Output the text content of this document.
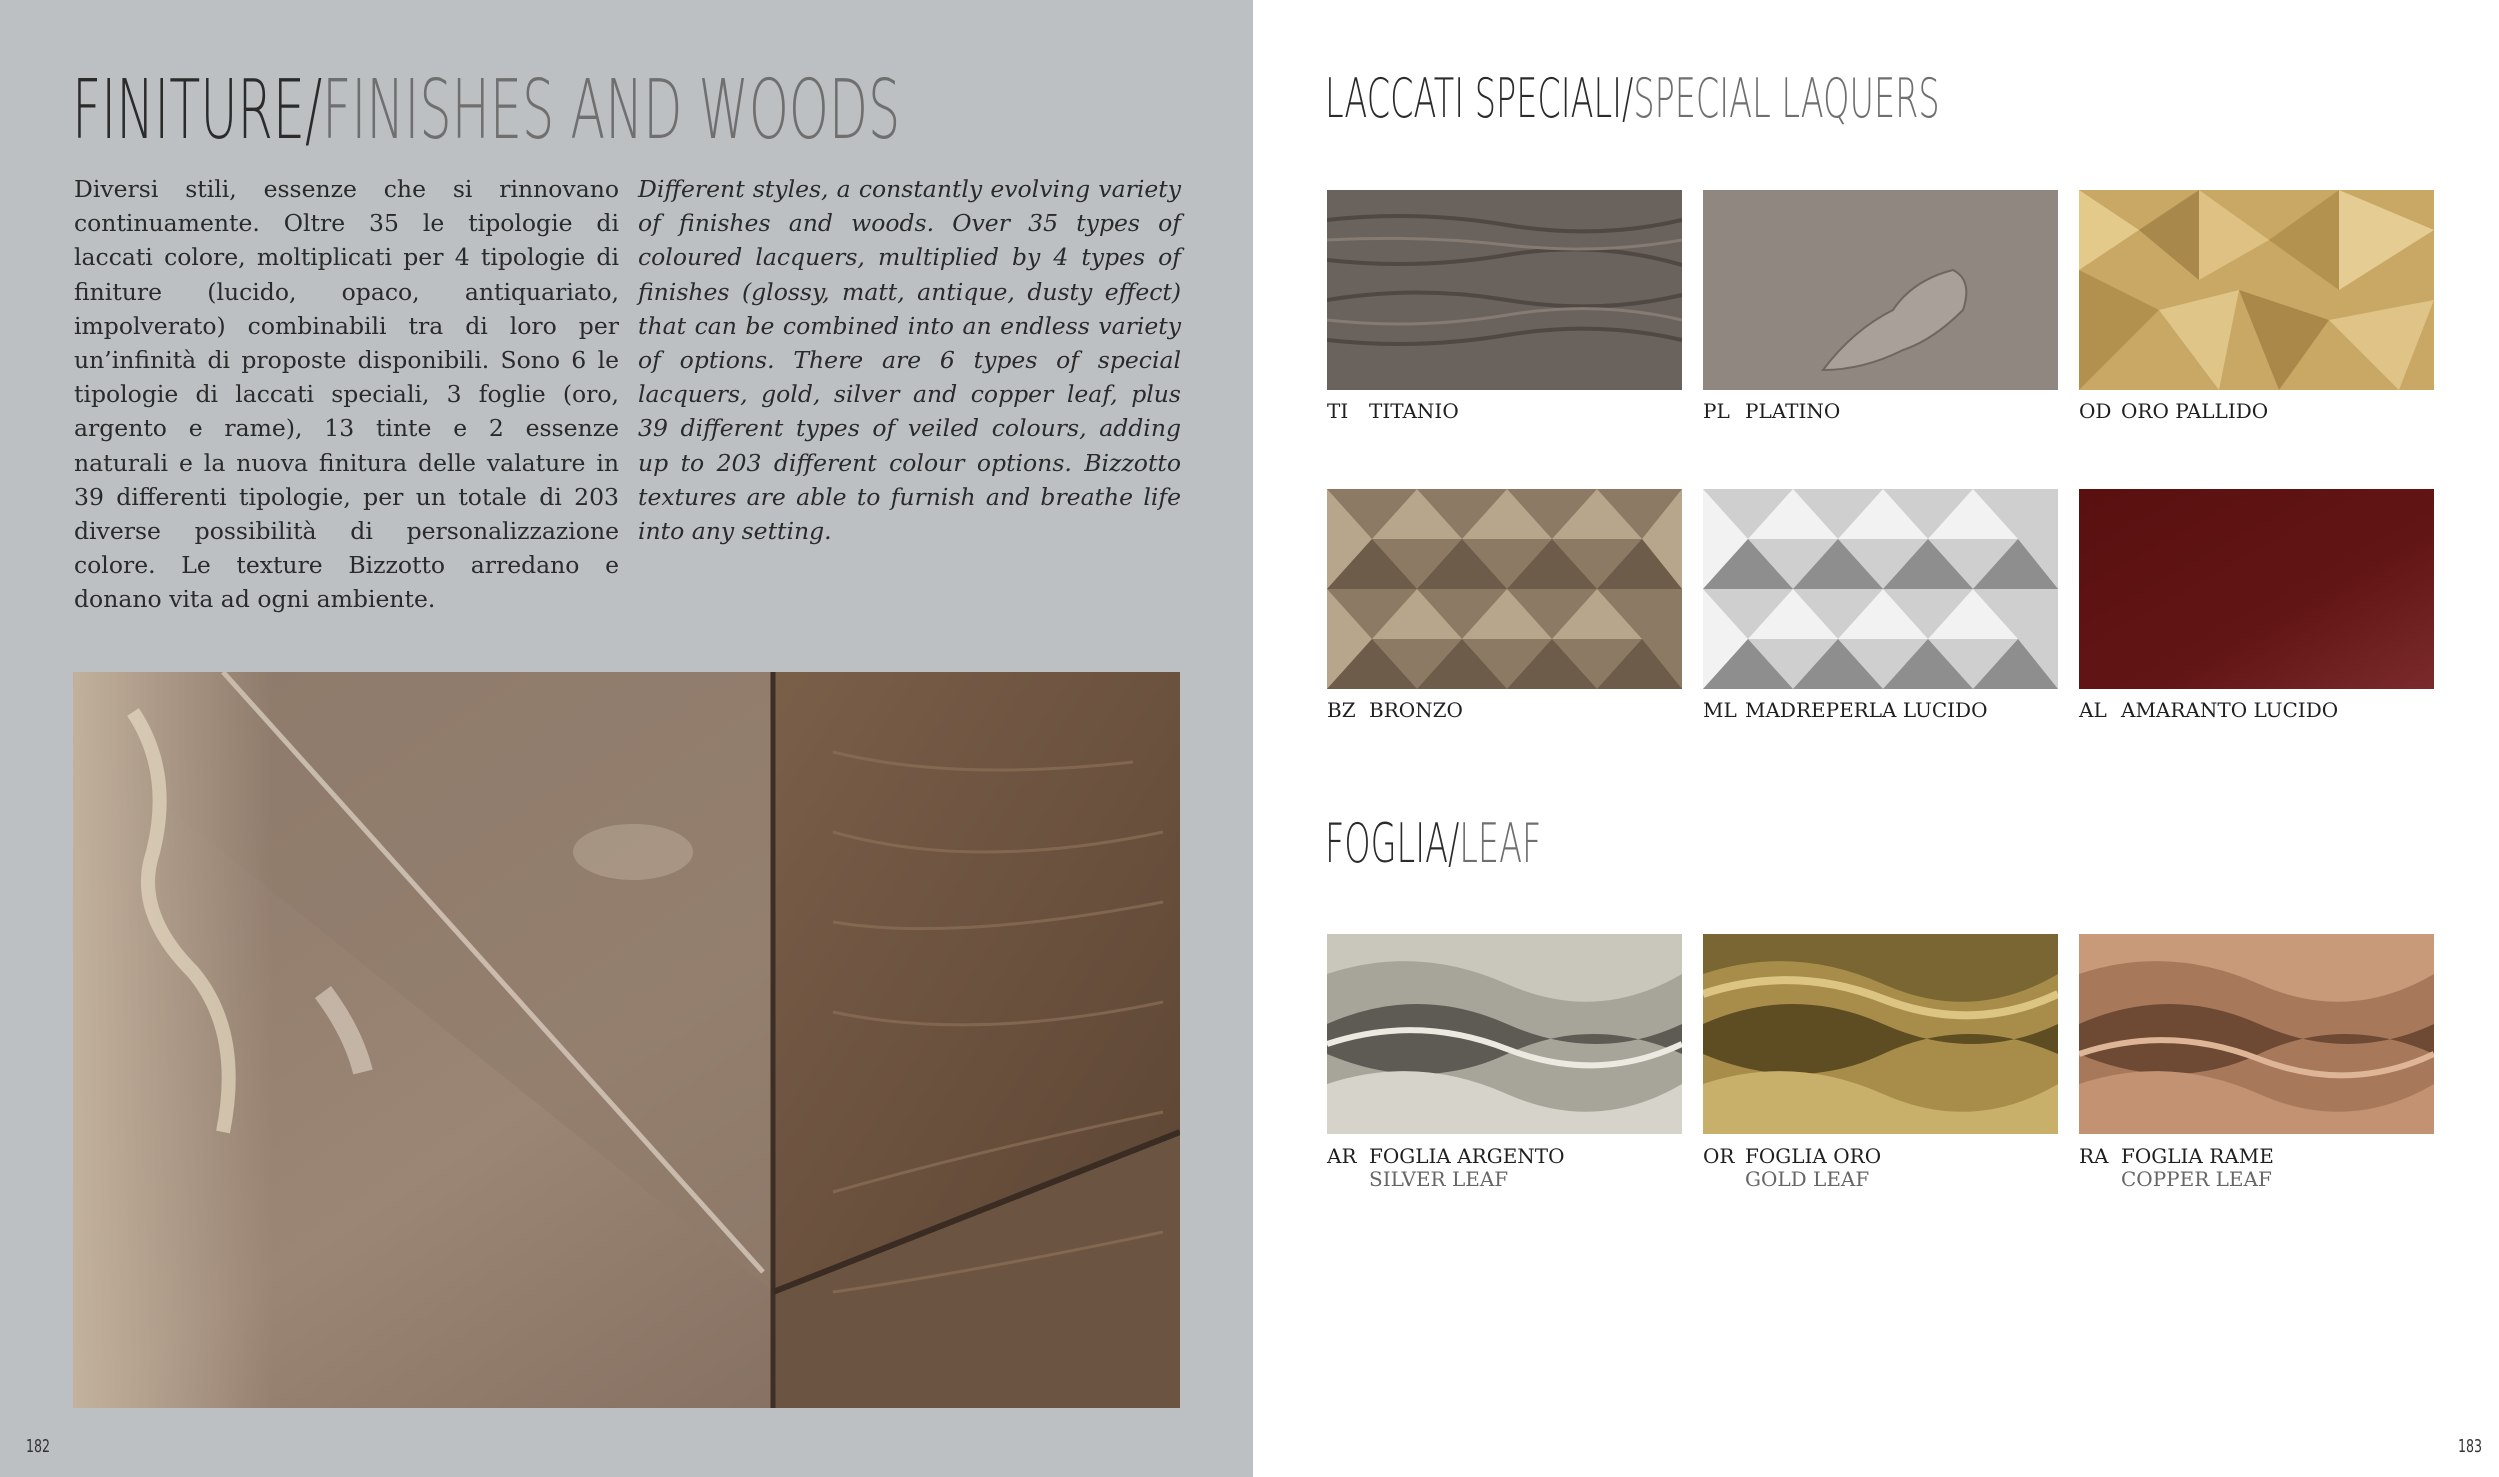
FINITURE/FINISHES AND WOODS

Diversi stili, essenze che si rinnovano continuamente. Oltre 35 le tipologie di laccati colore, moltiplicati per 4 tipologie di finiture (lucido, opaco, antiquariato, impolverato) combinabili tra di loro per un’infinità di proposte disponibili. Sono 6 le tipologie di laccati speciali, 3 foglie (oro, argento e rame), 13 tinte e 2 essenze naturali e la nuova finitura delle valature in 39 differenti tipologie, per un totale di 203 diverse possibilità di personalizzazione colore. Le texture Bizzotto arredano e donano vita ad ogni ambiente.

Different styles, a constantly evolving variety of finishes and woods. Over 35 types of coloured lacquers, multiplied by 4 types of finishes (glossy, matt, antique, dusty effect) that can be combined into an endless variety of options. There are 6 types of special lacquers, gold, silver and copper leaf, plus 39 different types of veiled colours, adding up to 203 different colour options. Bizzotto textures are able to furnish and breathe life into any setting.

182
LACCATI SPECIALI/SPECIAL LAQUERS
TI TITANIO	PL PLATINO	OD ORO PALLIDO
BZ BRONZO	ML MADREPERLA LUCIDO	AL AMARANTO LUCIDO
FOGLIA/LEAF
AR FOGLIA ARGENTO
SILVER LEAF
OR FOGLIA ORO
GOLD LEAF
RA FOGLIA RAME
COPPER LEAF
183
